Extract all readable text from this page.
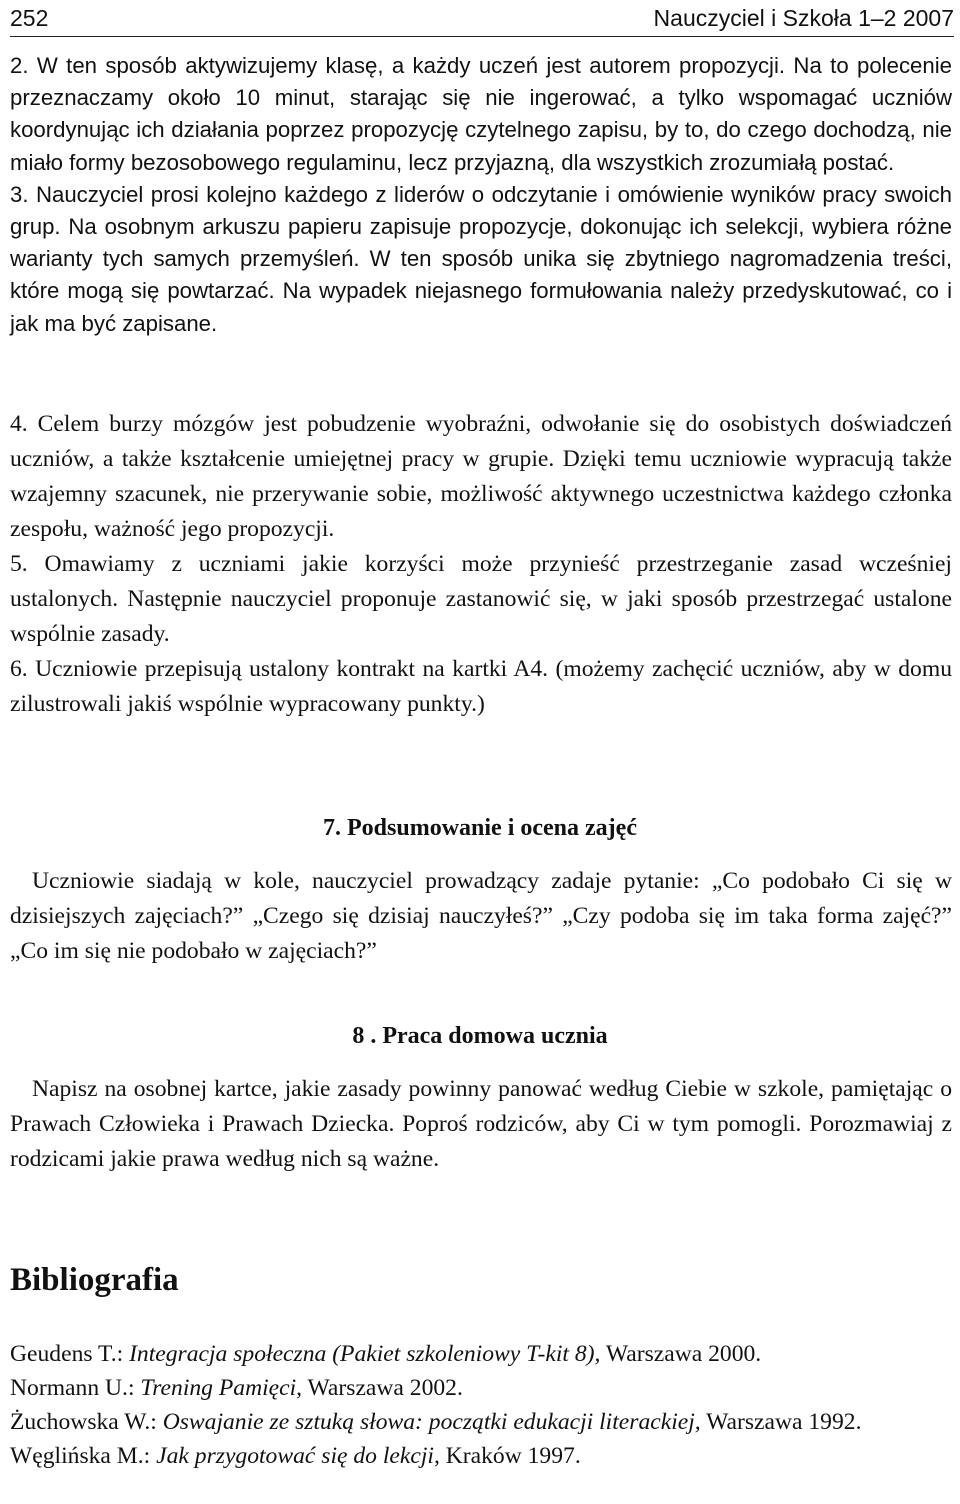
252	Nauczyciel i Szkoła 1–2 2007

2. W ten sposób aktywizujemy klasę, a każdy uczeń jest autorem propozycji. Na to polecenie przeznaczamy około 10 minut, starając się nie ingerować, a tylko wspomagać uczniów koordynując ich działania poprzez propozycję czytelnego zapisu, by to, do czego dochodzą, nie miało formy bezosobowego regulaminu, lecz przyjazną, dla wszystkich zrozumiałą postać.

3. Nauczyciel prosi kolejno każdego z liderów o odczytanie i omówienie wyników pracy swoich grup. Na osobnym arkuszu papieru zapisuje propozycje, dokonując ich selekcji, wybiera różne warianty tych samych przemyśleń. W ten sposób unika się zbytniego nagromadzenia treści, które mogą się powtarzać. Na wypadek niejasnego formułowania należy przedyskutować, co i jak ma być zapisane.

4. Celem burzy mózgów jest pobudzenie wyobraźni, odwołanie się do osobistych doświadczeń uczniów, a także kształcenie umiejętnej pracy w grupie. Dzięki temu uczniowie wypracują także wzajemny szacunek, nie przerywanie sobie, możliwość aktywnego uczestnictwa każdego członka zespołu, ważność jego propozycji.

5. Omawiamy z uczniami jakie korzyści może przynieść przestrzeganie zasad wcześniej ustalonych. Następnie nauczyciel proponuje zastanowić się, w jaki sposób przestrzegać ustalone wspólnie zasady.

6. Uczniowie przepisują ustalony kontrakt na kartki A4. (możemy zachęcić uczniów, aby w domu zilustrowali jakiś wspólnie wypracowany punkty.)

7. Podsumowanie i ocena zajęć

Uczniowie siadają w kole, nauczyciel prowadzący zadaje pytanie: „Co podobało Ci się w dzisiejszych zajęciach?” „Czego się dzisiaj nauczyłeś?” „Czy podoba się im taka forma zajęć?” „Co im się nie podobało w zajęciach?”

8 . Praca domowa ucznia

Napisz na osobnej kartce, jakie zasady powinny panować według Ciebie w szkole, pamiętając o Prawach Człowieka i Prawach Dziecka. Poproś rodziców, aby Ci w tym pomogli. Porozmawiaj z rodzicami jakie prawa według nich są ważne.

Bibliografia

Geudens T.: Integracja społeczna (Pakiet szkoleniowy T-kit 8), Warszawa 2000.

Normann U.: Trening Pamięci, Warszawa 2002.

Żuchowska W.: Oswajanie ze sztuką słowa: początki edukacji literackiej, Warszawa 1992.

Węglińska M.: Jak przygotować się do lekcji, Kraków 1997.
